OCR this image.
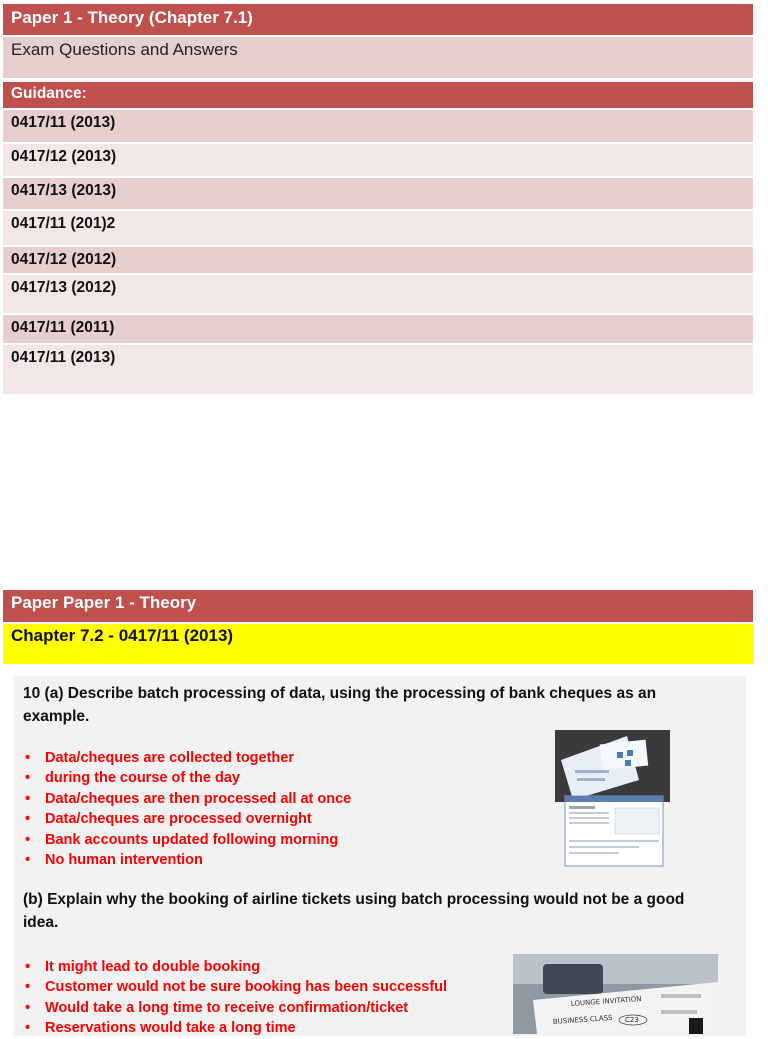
Paper 1 - Theory (Chapter 7.1)
Exam Questions and Answers
Guidance:
0417/11 (2013)
0417/12 (2013)
0417/13 (2013)
0417/11 (201)2
0417/12 (2012)
0417/13 (2012)
0417/11 (2011)
0417/11 (2013)
Paper Paper 1 - Theory
Chapter 7.2 - 0417/11 (2013)
10 (a) Describe batch processing of data, using the processing of bank cheques as an example.
• Data/cheques are collected together
• during the course of the day
• Data/cheques are then processed all at once
• Data/cheques are processed overnight
• Bank accounts updated following morning
• No human intervention
(b) Explain why the booking of airline tickets using batch processing would not be a good idea.
• It might lead to double booking
• Customer would not be sure booking has been successful
• Would take a long time to receive confirmation/ticket
• Reservations would take a long time
LOUNGE INVITATION
BUSINESS CLASS C23
